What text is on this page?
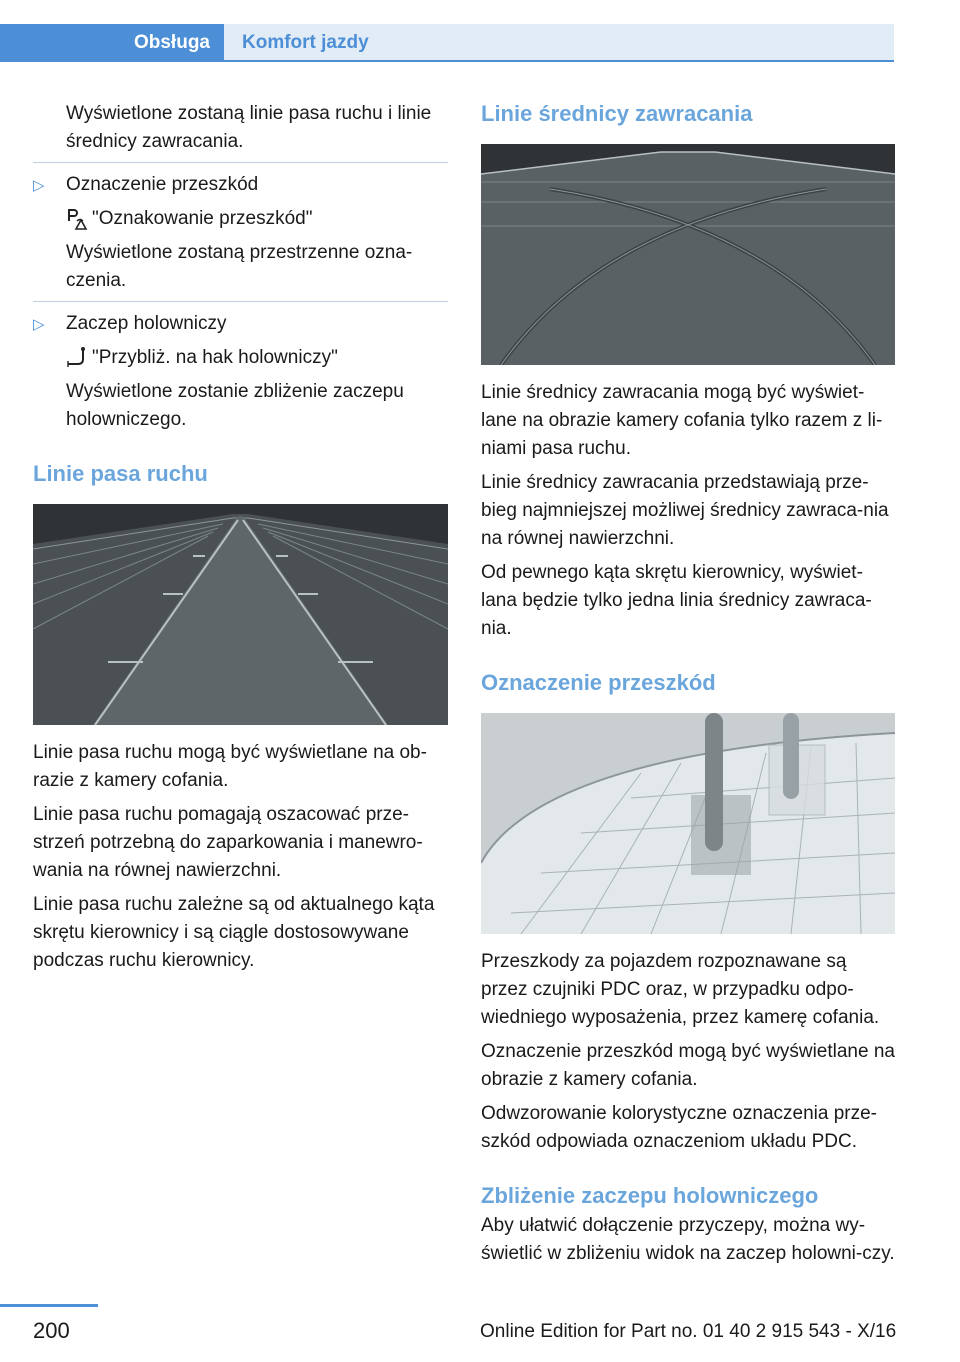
Obsługa	Komfort jazdy

Wyświetlone zostaną linie pasa ruchu i linie średnicy zawracania.

▷ Oznaczenie przeszkód
"Oznakowanie przeszkód"

Wyświetlone zostaną przestrzenne ozna-czenia.

▷ Zaczep holowniczy
"Przybliż. na hak holowniczy"

Wyświetlone zostanie zbliżenie zaczepu holowniczego.

Linie pasa ruchu

Linie pasa ruchu mogą być wyświetlane na ob-razie z kamery cofania.

Linie pasa ruchu pomagają oszacować prze-strzeń potrzebną do zaparkowania i manewro-wania na równej nawierzchni.

Linie pasa ruchu zależne są od aktualnego kąta skrętu kierownicy i są ciągle dostosowywane podczas ruchu kierownicy.

Linie średnicy zawracania

Linie średnicy zawracania mogą być wyświet-lane na obrazie kamery cofania tylko razem z li-niami pasa ruchu.

Linie średnicy zawracania przedstawiają prze-bieg najmniejszej możliwej średnicy zawraca-nia na równej nawierzchni.

Od pewnego kąta skrętu kierownicy, wyświet-lana będzie tylko jedna linia średnicy zawraca-nia.

Oznaczenie przeszkód

Przeszkody za pojazdem rozpoznawane są przez czujniki PDC oraz, w przypadku odpo-wiedniego wyposażenia, przez kamerę cofania.

Oznaczenie przeszkód mogą być wyświetlane na obrazie z kamery cofania.

Odwzorowanie kolorystyczne oznaczenia prze-szkód odpowiada oznaczeniom układu PDC.

Zbliżenie zaczepu holowniczego

Aby ułatwić dołączenie przyczepy, można wy-świetlić w zbliżeniu widok na zaczep holowni-czy.

200	Online Edition for Part no. 01 40 2 915 543 - X/16
